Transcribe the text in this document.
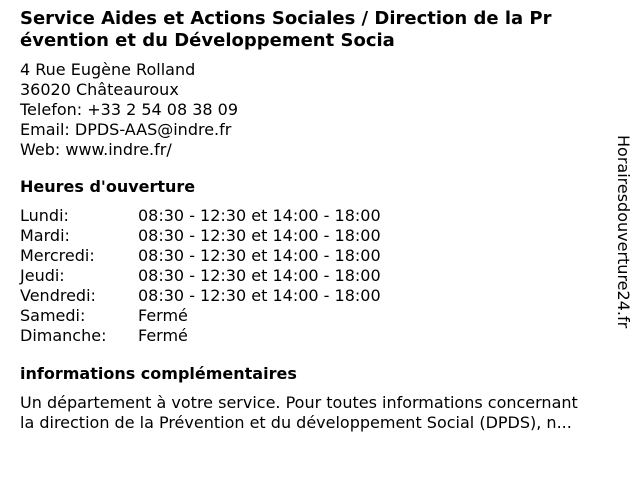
Service Aides et Actions Sociales / Direction de la Pr
évention et du Développement Socia
4 Rue Eugène Rolland
36020 Châteauroux
Telefon: +33 2 54 08 38 09
Email: DPDS-AAS@indre.fr
Web: www.indre.fr/
Heures d'ouverture
Lundi:	08:30 - 12:30 et 14:00 - 18:00
Mardi:	08:30 - 12:30 et 14:00 - 18:00
Mercredi:	08:30 - 12:30 et 14:00 - 18:00
Jeudi:	08:30 - 12:30 et 14:00 - 18:00
Vendredi:	08:30 - 12:30 et 14:00 - 18:00
Samedi:	Fermé
Dimanche:	Fermé
informations complémentaires
Un département à votre service. Pour toutes informations concernant
la direction de la Prévention et du développement Social (DPDS), n...
Horairesdouverture24.fr
